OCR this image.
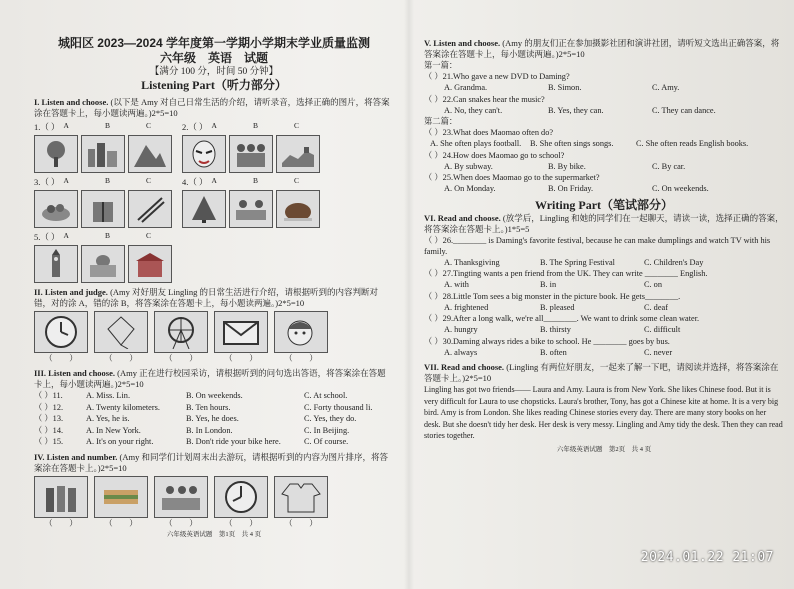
城阳区 2023—2024 学年度第一学期小学期末学业质量监测
六年级　英语　试题
【满分 100 分，时间 50 分钟】
Listening Part（听力部分）
I. Listen and choose. (以下是 Amy 对自己日常生活的介绍，请听录音，选择正确的图片，将答案涂在答题卡上，每小题读两遍。)2*5=10
1.（ ） A	B	C	2.（ ） A	B	C
3.（ ） A	B	C	4.（ ） A	B	C
5.（ ） A	B	C
II. Listen and judge. (Amy 对好朋友 Lingling 的日常生活进行介绍，请根据听到的内容判断对错，对的涂 A，错的涂 B，将答案涂在答题卡上，每小题读两遍。)2*5=10
（　　）	（　　）	（　　）	（　　）	（　　）
III. Listen and choose. (Amy 正在进行校园采访，请根据听到的问句选出答语，将答案涂在答题卡上，每小题读两遍。)2*5=10
（ ）11.	A. Miss. Lin.	B. On weekends.	C. At school.
（ ）12.	A. Twenty kilometers.	B. Ten hours.	C. Forty thousand li.
（ ）13.	A. Yes, he is.	B. Yes, he does.	C. Yes, they do.
（ ）14.	A. In New York.	B. In London.	C. In Beijing.
（ ）15.	A. It's on your right.	B. Don't ride your bike here.	C. Of course.
IV. Listen and number. (Amy 和同学们计划周末出去游玩，请根据听到的内容为图片排序，将答案涂在答题卡上。)2*5=10
（　　）	（　　）	（　　）	（　　）	（　　）
六年级英语试题　第1页　共 4 页
V. Listen and choose. (Amy 的朋友们正在参加摄影社团和演讲社团，请听短文选出正确答案，将答案涂在答题卡上，每小题读两遍。)2*5=10
第一篇：
（ ）21.Who gave a new DVD to Daming?
A. Grandma.	B. Simon.	C. Amy.
（ ）22.Can snakes hear the music?
A. No, they can't.	B. Yes, they can.	C. They can dance.
第二篇：
（ ）23.What does Maomao often do?
A. She often plays football.	B. She often sings songs.	C. She often reads English books.
（ ）24.How does Maomao go to school?
A. By subway.	B. By bike.	C. By car.
（ ）25.When does Maomao go to the supermarket?
A. On Monday.	B. On Friday.	C. On weekends.
Writing Part（笔试部分）
VI. Read and choose. (放学后，Lingling 和她的同学们在一起聊天，请读一读，选择正确的答案，将答案涂在答题卡上。)1*5=5
（ ）26.________ is Daming's favorite festival, because he can make dumplings and watch TV with his family.
A. Thanksgiving	B. The Spring Festival	C. Children's Day
（ ）27.Tingting wants a pen friend from the UK. They can write ________ English.
A. with	B. in	C. on
（ ）28.Little Tom sees a big monster in the picture book. He gets________.
A. frightened	B. pleased	C. deaf
（ ）29.After a long walk, we're all________. We want to drink some clean water.
A. hungry	B. thirsty	C. difficult
（ ）30.Daming always rides a bike to school. He ________ goes by bus.
A. always	B. often	C. never
VII. Read and choose. (Lingling 有两位好朋友，一起来了解一下吧，请阅读并选择，将答案涂在答题卡上。)2*5=10
Lingling has got two friends—— Laura and Amy. Laura is from New York. She likes Chinese food. But it is very difficult for Laura to use chopsticks. Laura's brother, Tony, has got a Chinese kite at home. It is a very big bird. Amy is from London. She likes reading Chinese stories every day. There are many story books on her desk. But she doesn't tidy her desk. Her desk is very messy. Lingling and Amy tidy the desk. Then they can read stories together.
六年级英语试题　第2页　共 4 页
2024.01.22 21:07
